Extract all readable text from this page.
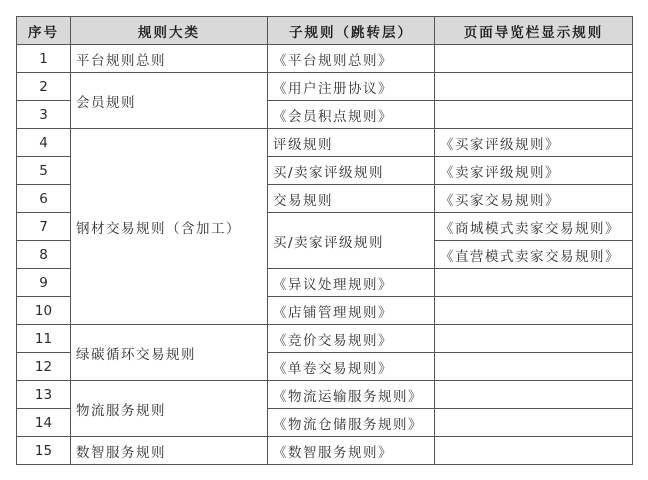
序号	规则大类	子规则（跳转层）	页面导览栏显示规则
1	平台规则总则	《平台规则总则》	
2	会员规则	《用户注册协议》	
3		《会员积点规则》	
4	钢材交易规则（含加工）	评级规则	《买家评级规则》
5		买/卖家评级规则	《卖家评级规则》
6		交易规则	《买家交易规则》
7		买/卖家评级规则	《商城模式卖家交易规则》
8			《直营模式卖家交易规则》
9		《异议处理规则》	
10		《店铺管理规则》	
11	绿碳循环交易规则	《竞价交易规则》	
12		《单卷交易规则》	
13	物流服务规则	《物流运输服务规则》	
14		《物流仓储服务规则》	
15	数智服务规则	《数智服务规则》	
